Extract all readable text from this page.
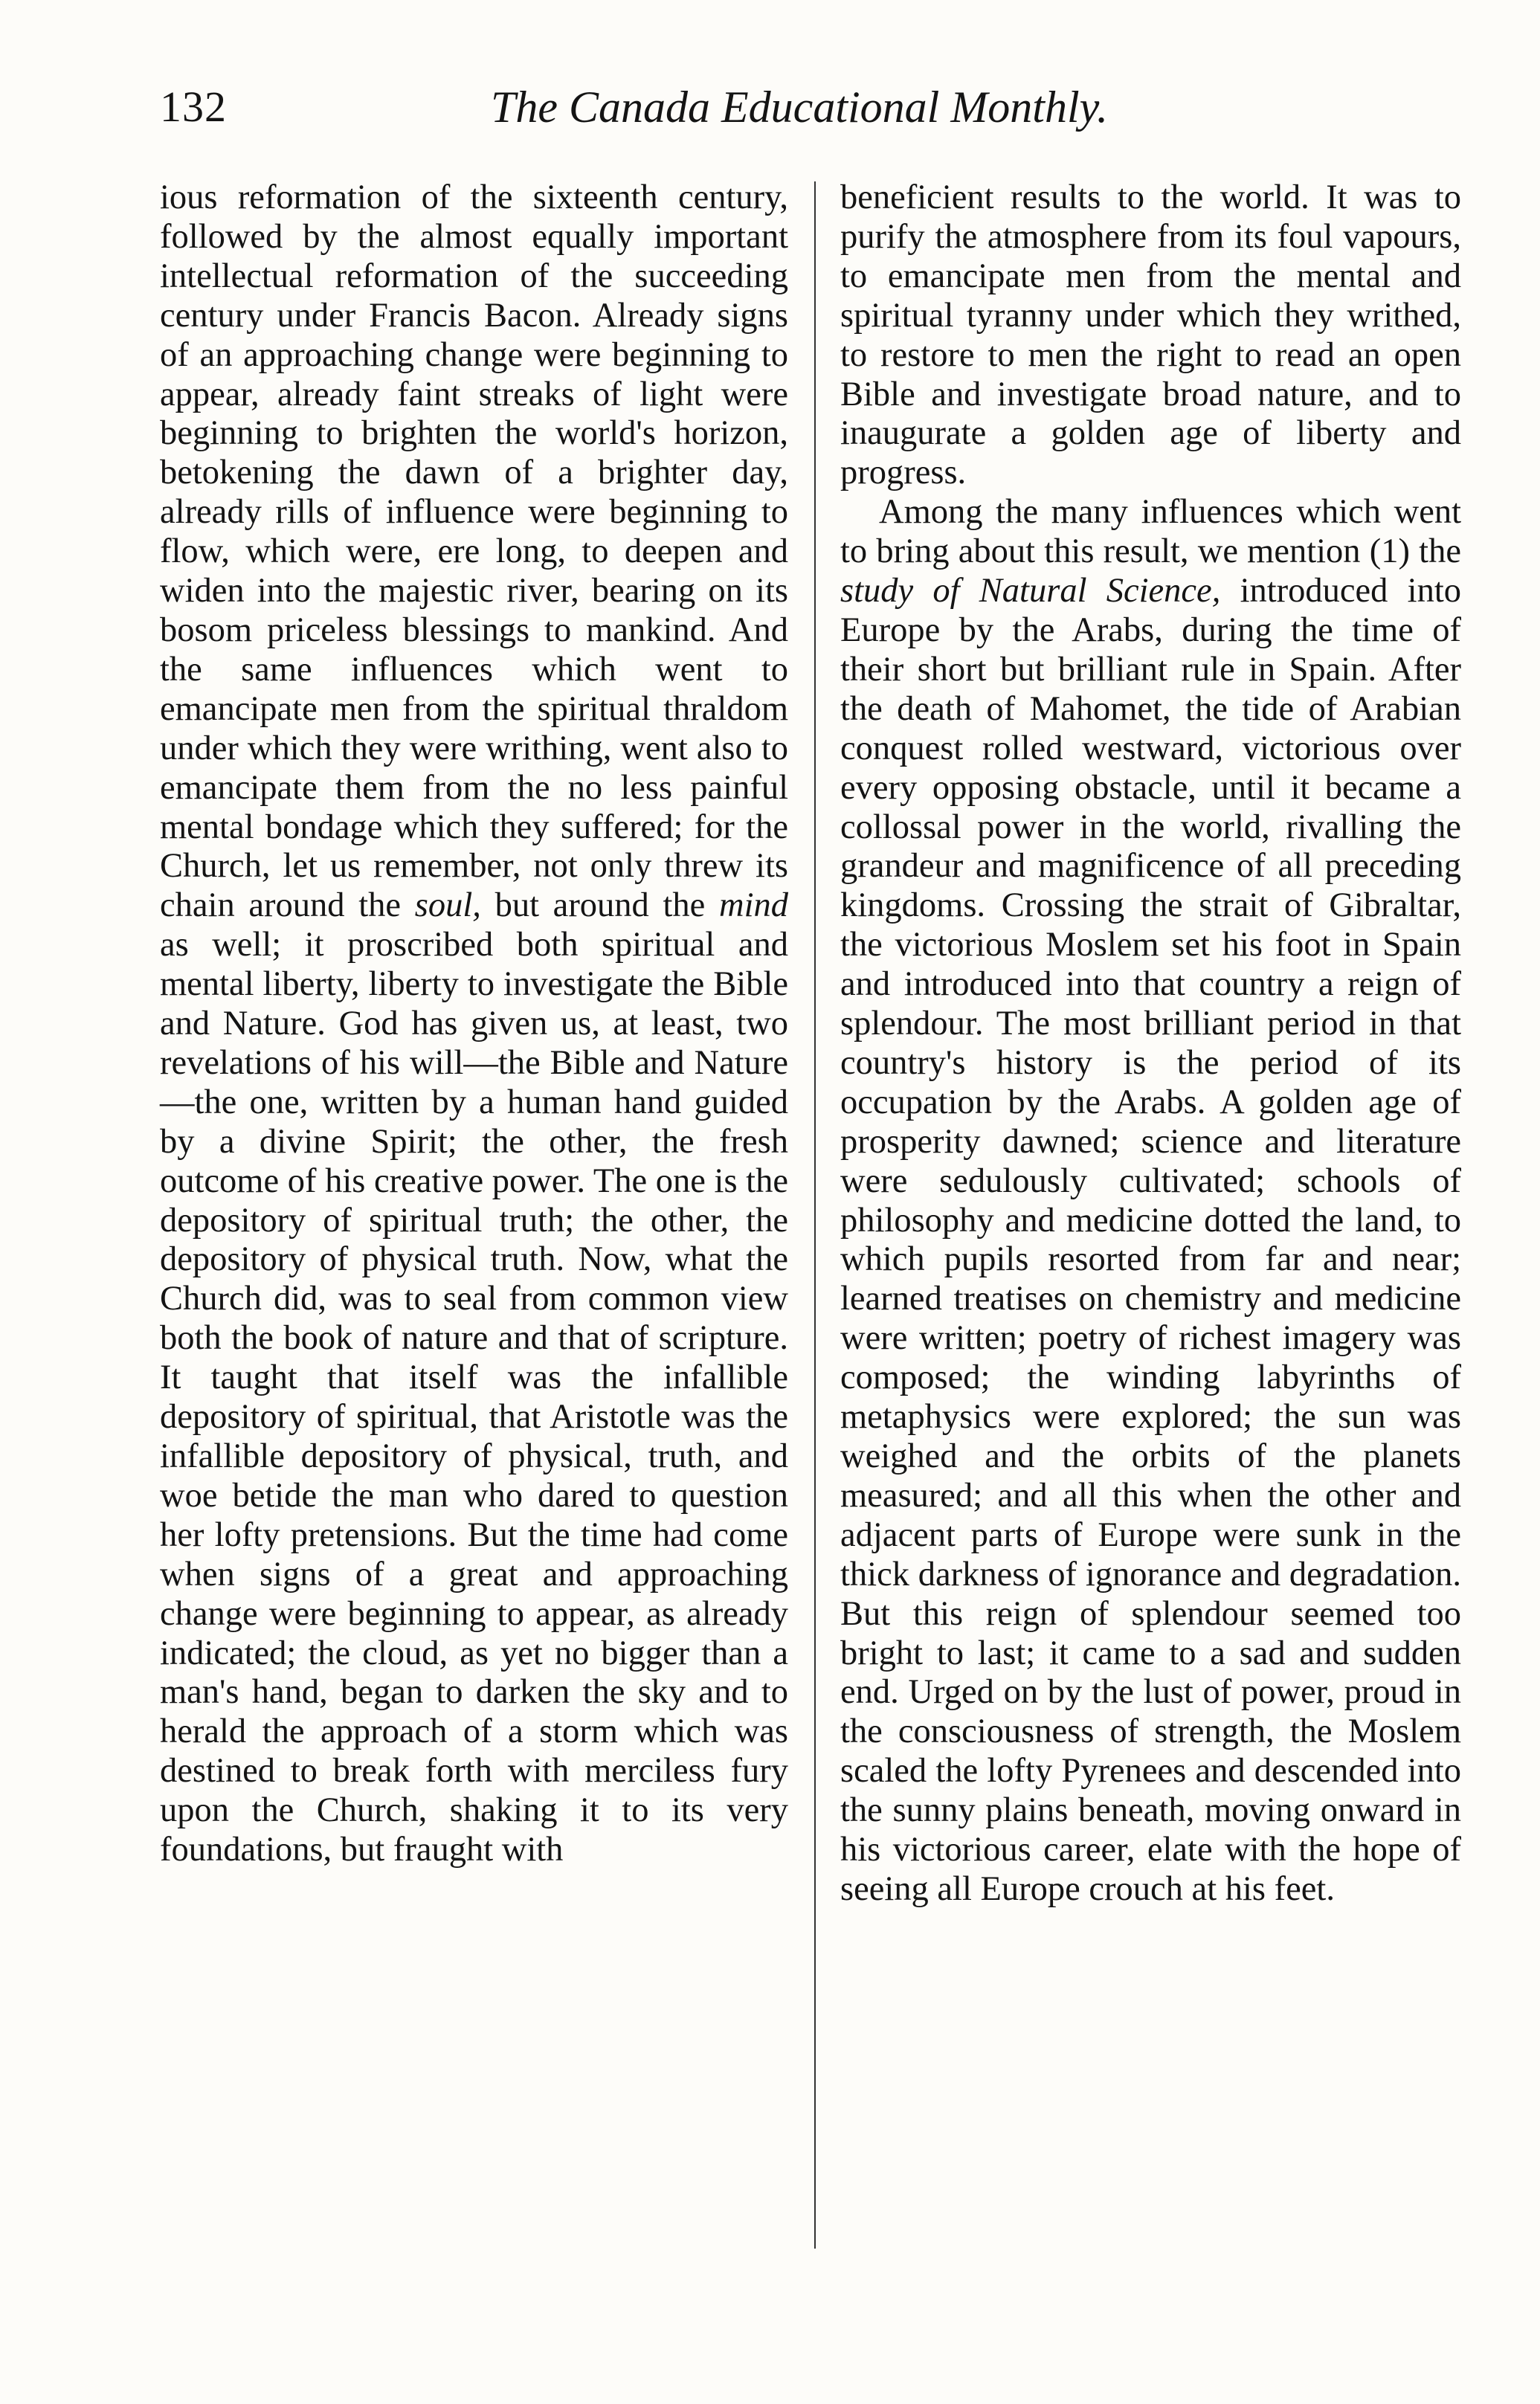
132	The Canada Educational Monthly.

ious reformation of the sixteenth century, followed by the almost equally important intellectual reformation of the succeeding century under Francis Bacon. Already signs of an approaching change were beginning to appear, already faint streaks of light were beginning to brighten the world's horizon, betokening the dawn of a brighter day, already rills of influence were beginning to flow, which were, ere long, to deepen and widen into the majestic river, bearing on its bosom priceless blessings to mankind. And the same influences which went to emancipate men from the spiritual thraldom under which they were writhing, went also to emancipate them from the no less painful mental bondage which they suffered; for the Church, let us remember, not only threw its chain around the soul, but around the mind as well; it proscribed both spiritual and mental liberty, liberty to investigate the Bible and Nature. God has given us, at least, two revelations of his will—the Bible and Nature—the one, written by a human hand guided by a divine Spirit; the other, the fresh outcome of his creative power. The one is the depository of spiritual truth; the other, the depository of physical truth. Now, what the Church did, was to seal from common view both the book of nature and that of scripture. It taught that itself was the infallible depository of spiritual, that Aristotle was the infallible depository of physical, truth, and woe betide the man who dared to question her lofty pretensions. But the time had come when signs of a great and approaching change were beginning to appear, as already indicated; the cloud, as yet no bigger than a man's hand, began to darken the sky and to herald the approach of a storm which was destined to break forth with merciless fury upon the Church, shaking it to its very foundations, but fraught with

beneficient results to the world. It was to purify the atmosphere from its foul vapours, to emancipate men from the mental and spiritual tyranny under which they writhed, to restore to men the right to read an open Bible and investigate broad nature, and to inaugurate a golden age of liberty and progress.

Among the many influences which went to bring about this result, we mention (1) the study of Natural Science, introduced into Europe by the Arabs, during the time of their short but brilliant rule in Spain. After the death of Mahomet, the tide of Arabian conquest rolled westward, victorious over every opposing obstacle, until it became a collossal power in the world, rivalling the grandeur and magnificence of all preceding kingdoms. Crossing the strait of Gibraltar, the victorious Moslem set his foot in Spain and introduced into that country a reign of splendour. The most brilliant period in that country's history is the period of its occupation by the Arabs. A golden age of prosperity dawned; science and literature were sedulously cultivated; schools of philosophy and medicine dotted the land, to which pupils resorted from far and near; learned treatises on chemistry and medicine were written; poetry of richest imagery was composed; the winding labyrinths of metaphysics were explored; the sun was weighed and the orbits of the planets measured; and all this when the other and adjacent parts of Europe were sunk in the thick darkness of ignorance and degradation. But this reign of splendour seemed too bright to last; it came to a sad and sudden end. Urged on by the lust of power, proud in the consciousness of strength, the Moslem scaled the lofty Pyrenees and descended into the sunny plains beneath, moving onward in his victorious career, elate with the hope of seeing all Europe crouch at his feet.
